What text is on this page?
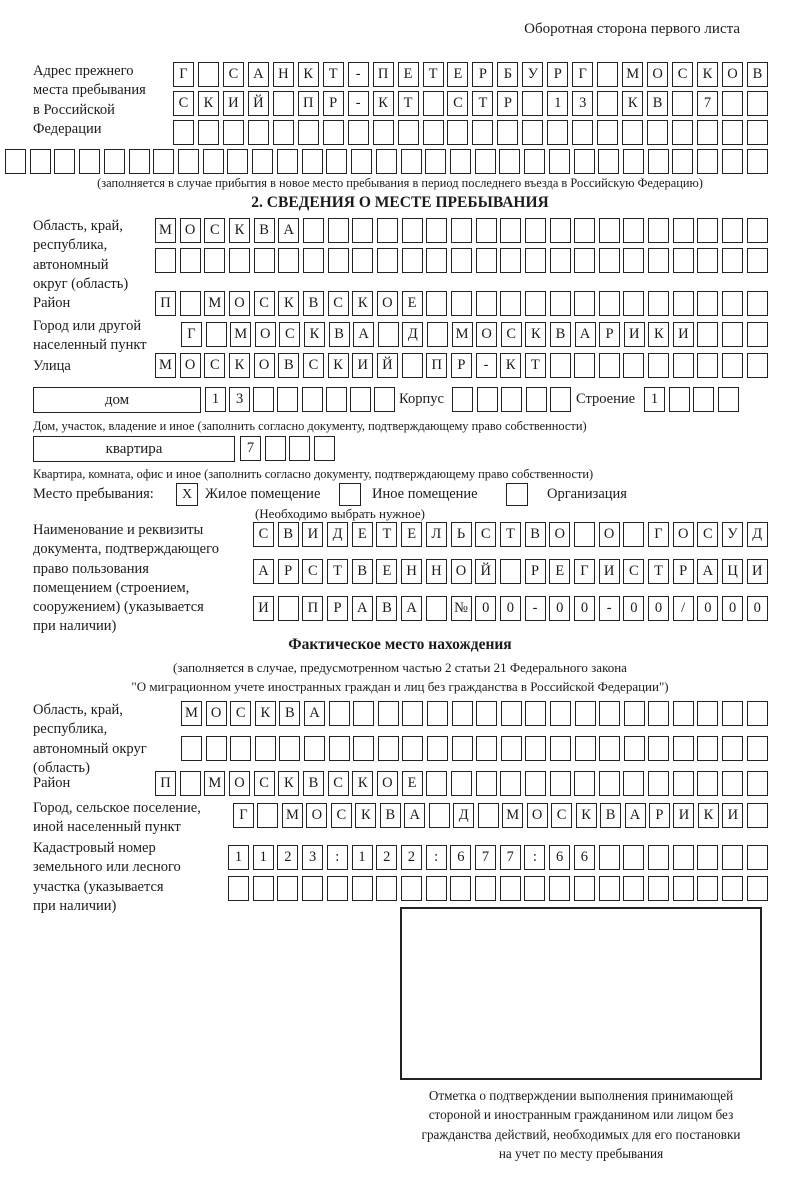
Оборотная сторона первого листа
Адрес прежнего
места пребывания
в Российской
Федерации
Г	С	А Н	К	Т	-	П	Е	Т	Е	Р	Б	У	Р	Г	М О	С	К	О	В
С	К	И Й	П	Р	-	К	Т	С	Т	Р	1	3	К	В	7
(заполняется в случае прибытия в новое место пребывания в период последнего въезда в Российскую Федерацию)
2. СВЕДЕНИЯ О МЕСТЕ ПРЕБЫВАНИЯ
Область, край,
республика,
автономный
округ (область)
М О	С	К	В	А
Район	П	М О	С	К	В	С	К	О	Е
Город или другой
населенный пункт
Г	М О	С	К	В	А	Д	М О	С	К	В	А	Р	И	К	И
Улица	М О	С	К	О	В	С	К	И Й	П	Р	-	К	Т
дом	1	3	Корпус	Строение	1
Дом, участок, владение и иное (заполнить согласно документу, подтверждающему право собственности)
квартира	7
Квартира, комната, офис и иное (заполнить согласно документу, подтверждающему право собственности)
Место пребывания:	X Жилое помещение	Иное помещение	Организация
(Необходимо выбрать нужное)
Наименование и реквизиты
документа, подтверждающего
право пользования
помещением (строением,
сооружением) (указывается
при наличии)
С	В	И	Д	Е	Т	Е	Л	Ь	С	Т	В	О	О	Г	О	С	У	Д
А	Р	С	Т	В	Е	Н Н О Й	Р	Е	Г	И	С	Т	Р	А Ц И
И	П	Р	А	В	А	№ 0	0	-	0	0	-	0	0	/	0	0	0
Фактическое место нахождения
(заполняется в случае, предусмотренном частью 2 статьи 21 Федерального закона
"О миграционном учете иностранных граждан и лиц без гражданства в Российской Федерации")
Область, край,
республика,
автономный округ
(область)
М О	С	К	В	А
Район	П	М О	С	К	В	С	К	О	Е
Город, сельское поселение,
иной населенный пункт
Г	М О С	К	В А	Д	М О С	К	В А	Р	И К И
Кадастровый номер
земельного или лесного
участка (указывается
при наличии)
1	1	2	3	:	1	2	2	:	6	7	7	:	6	6
Отметка о подтверждении выполнения принимающей
стороной и иностранным гражданином или лицом без
гражданства действий, необходимых для его постановки
на учет по месту пребывания
